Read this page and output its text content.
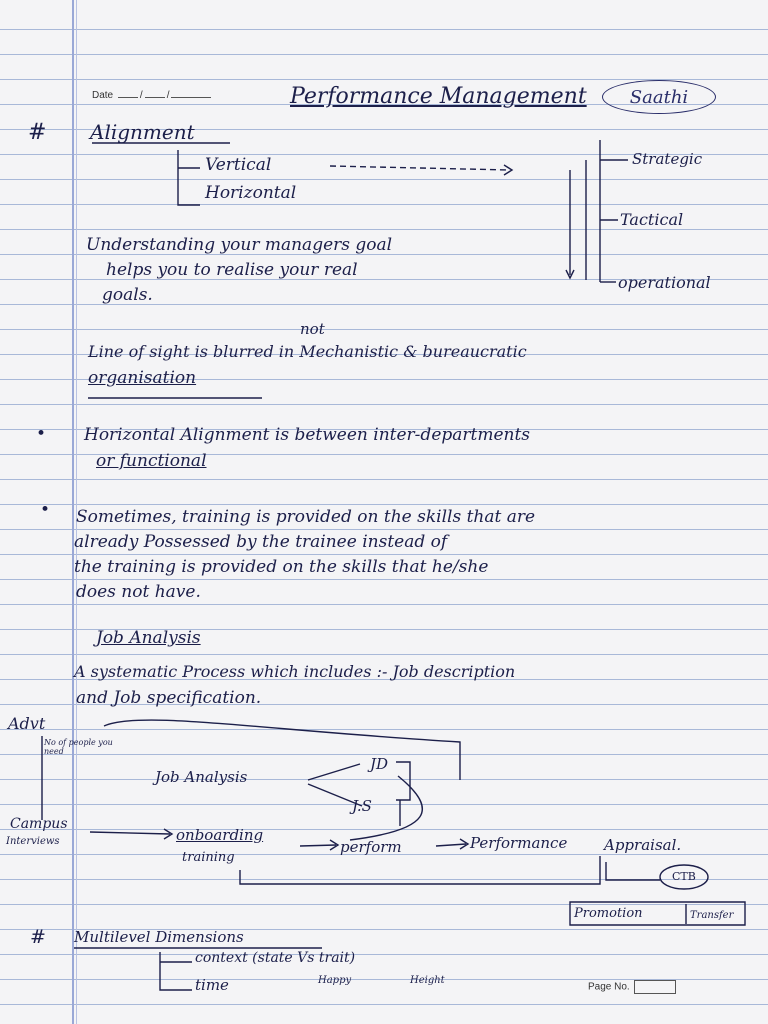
Date	/ /	Performance Management Saathi
# Alignment
Vertical
Horizontal
Strategic
Tactical
operational
Understanding your managers goal
helps you to realise your real
goals.
not
Line of sight is blurred in Mechanistic & bureaucratic
organisation
• Horizontal Alignment is between inter-departments
or functional
• Sometimes, training is provided on the skills that are
already Possessed by the trainee instead of
the training is provided on the skills that he/she
does not have.
Job Analysis
A systematic Process which includes :- Job description
and Job specification.
Advt
No of people you need
Job Analysis
JD
J.S
Campus
Interviews	onboarding
training
perform	Performance Appraisal.
CTB
Promotion	Transfer
# Multilevel Dimensions
context (state Vs trait)
Happy	Height
time	Page No.
